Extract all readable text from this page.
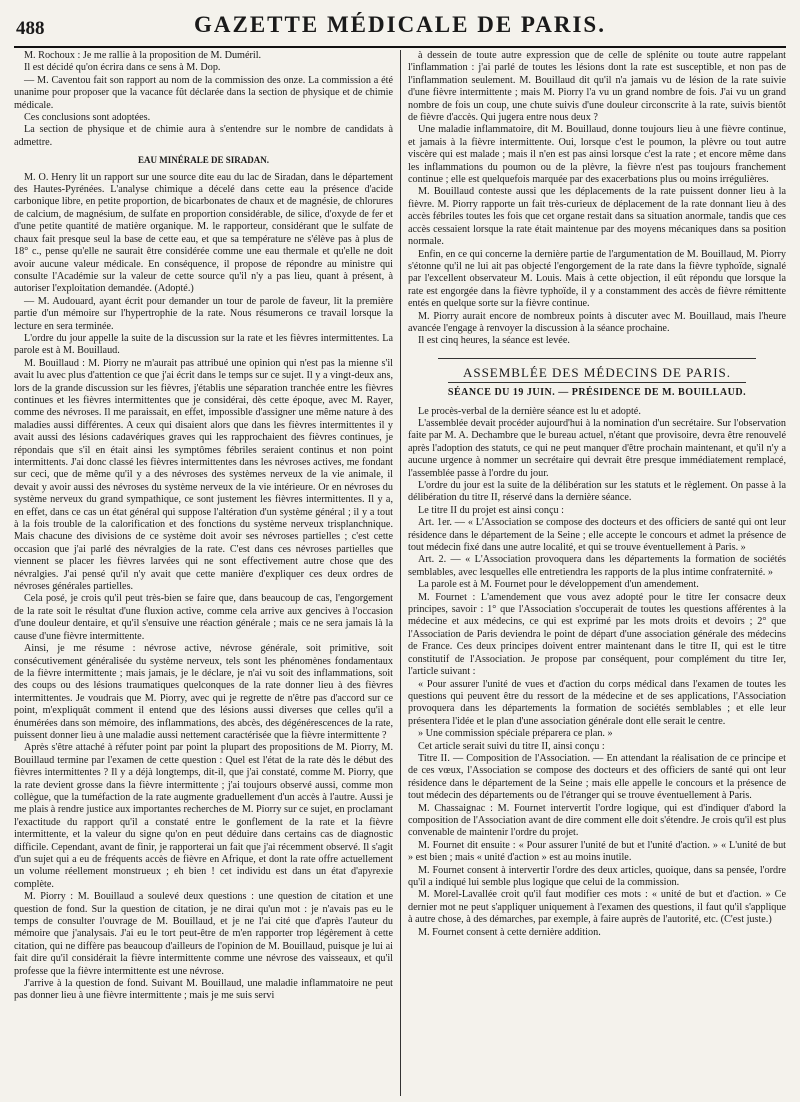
488	GAZETTE MÉDICALE DE PARIS.

M. Rochoux : Je me rallie à la proposition de M. Duméril.

Il est décidé qu'on écrira dans ce sens à M. Dop.

— M. Caventou fait son rapport au nom de la commission des onze. La commission a été unanime pour proposer que la vacance fût déclarée dans la section de physique et de chimie médicale.

Ces conclusions sont adoptées.

La section de physique et de chimie aura à s'entendre sur le nombre de candidats à admettre.

EAU MINÉRALE DE SIRADAN.

M. O. Henry lit un rapport sur une source dite eau du lac de Siradan, dans le département des Hautes-Pyrénées. L'analyse chimique a décelé dans cette eau la présence d'acide carbonique libre, en petite proportion, de bicarbonates de chaux et de magnésie, de chlorures de calcium, de magnésium, de sulfate en proportion considérable, de silice, d'oxyde de fer et d'une petite quantité de matière organique. M. le rapporteur, considérant que le sulfate de chaux fait presque seul la base de cette eau, et que sa température ne s'élève pas à plus de 18° c., pense qu'elle ne saurait être considérée comme une eau thermale et qu'elle ne doit avoir aucune valeur médicale. En conséquence, il propose de répondre au ministre qui consulte l'Académie sur la valeur de cette source qu'il n'y a pas lieu, quant à présent, à autoriser l'exploitation demandée. (Adopté.)

— M. Audouard, ayant écrit pour demander un tour de parole de faveur, lit la première partie d'un mémoire sur l'hypertrophie de la rate. Nous résumerons ce travail lorsque la lecture en sera terminée.

L'ordre du jour appelle la suite de la discussion sur la rate et les fièvres intermittentes. La parole est à M. Bouillaud.

M. Bouillaud : M. Piorry ne m'aurait pas attribué une opinion qui n'est pas la mienne s'il avait lu avec plus d'attention ce que j'ai écrit dans le temps sur ce sujet. Il y a vingt-deux ans, lors de la grande discussion sur les fièvres, j'établis une séparation tranchée entre les fièvres continues et les fièvres intermittentes que je considérai, dès cette époque, avec M. Rayer, comme des névroses. Il me paraissait, en effet, impossible d'assigner une même nature à des maladies aussi différentes. A ceux qui disaient alors que dans les fièvres intermittentes il y avait aussi des lésions cadavériques graves qui les rapprochaient des fièvres continues, je répondais que s'il en était ainsi les symptômes fébriles seraient continus et non point intermittents. J'ai donc classé les fièvres intermittentes dans les névroses actives, me fondant sur ceci, que de même qu'il y a des névroses des systèmes nerveux de la vie animale, il devait y avoir aussi des névroses du système nerveux de la vie intérieure. Or en névroses du système nerveux du grand sympathique, ce sont justement les fièvres intermittentes. Il y a, en effet, dans ce cas un état général qui suppose l'altération d'un système général ; il y a tout à la fois trouble de la calorification et des fonctions du système nerveux trisplanchnique. Mais chacune des divisions de ce système doit avoir ses névroses partielles ; c'est cette occasion que j'ai parlé des névralgies de la rate. C'est dans ces névroses partielles que viennent se placer les fièvres larvées qui ne sont effectivement autre chose que des névralgies. J'ai pensé qu'il n'y avait que cette manière d'expliquer ces deux ordres de névroses générales partielles.

Cela posé, je crois qu'il peut très-bien se faire que, dans beaucoup de cas, l'engorgement de la rate soit le résultat d'une fluxion active, comme cela arrive aux gencives à l'occasion d'une douleur dentaire, et qu'il s'ensuive une réaction générale ; mais ce ne sera jamais là la cause d'une fièvre intermittente.

Ainsi, je me résume : névrose active, névrose générale, soit primitive, soit consécutivement généralisée du système nerveux, tels sont les phénomènes fondamentaux de la fièvre intermittente ; mais jamais, je le déclare, je n'ai vu soit des inflammations, soit des coups ou des lésions traumatiques quelconques de la rate donner lieu à des fièvres intermittentes. Je voudrais que M. Piorry, avec qui je regrette de n'être pas d'accord sur ce point, m'expliquât comment il entend que des lésions aussi diverses que celles qu'il a énumérées dans son mémoire, des inflammations, des abcès, des dégénérescences de la rate, puissent donner lieu à une maladie aussi nettement caractérisée que la fièvre intermittente ?

Après s'être attaché à réfuter point par point la plupart des propositions de M. Piorry, M. Bouillaud termine par l'examen de cette question : Quel est l'état de la rate dès le début des fièvres intermittentes ? Il y a déjà longtemps, dit-il, que j'ai constaté, comme M. Piorry, que la rate devient grosse dans la fièvre intermittente ; j'ai toujours observé aussi, comme mon collègue, que la tuméfaction de la rate augmente graduellement d'un accès à l'autre. Aussi je me plais à rendre justice aux importantes recherches de M. Piorry sur ce sujet, en proclamant l'exactitude du rapport qu'il a constaté entre le gonflement de la rate et la fièvre intermittente, et la valeur du signe qu'on en peut déduire dans certains cas de diagnostic difficile. Cependant, avant de finir, je rapporterai un fait que j'ai récemment observé. Il s'agit d'un sujet qui a eu de fréquents accès de fièvre en Afrique, et dont la rate offre actuellement un volume réellement monstrueux ; eh bien ! cet individu est dans un état d'apyrexie complète.

M. Piorry : M. Bouillaud a soulevé deux questions : une question de citation et une question de fond. Sur la question de citation, je ne dirai qu'un mot : je n'avais pas eu le temps de consulter l'ouvrage de M. Bouillaud, et je ne l'ai cité que d'après l'auteur du mémoire que j'analysais. J'ai eu le tort peut-être de m'en rapporter trop légèrement à cette citation, qui ne diffère pas beaucoup d'ailleurs de l'opinion de M. Bouillaud, puisque je lui ai fait dire qu'il considérait la fièvre intermittente comme une névrose des vaisseaux, et qu'il professe que la fièvre intermittente est une névrose.

J'arrive à la question de fond. Suivant M. Bouillaud, une maladie inflammatoire ne peut pas donner lieu à une fièvre intermittente ; mais je me suis servi

à dessein de toute autre expression que de celle de splénite ou toute autre rappelant l'inflammation : j'ai parlé de toutes les lésions dont la rate est susceptible, et non pas de l'inflammation seulement. M. Bouillaud dit qu'il n'a jamais vu de lésion de la rate suivie d'une fièvre intermittente ; mais M. Piorry l'a vu un grand nombre de fois. J'ai vu un grand nombre de fois un coup, une chute suivis d'une douleur circonscrite à la rate, suivis bientôt de fièvre d'accès. Qui jugera entre nous deux ?

Une maladie inflammatoire, dit M. Bouillaud, donne toujours lieu à une fièvre continue, et jamais à la fièvre intermittente. Oui, lorsque c'est le poumon, la plèvre ou tout autre viscère qui est malade ; mais il n'en est pas ainsi lorsque c'est la rate ; et encore même dans les inflammations du poumon ou de la plèvre, la fièvre n'est pas toujours franchement continue ; elle est quelquefois marquée par des exacerbations plus ou moins irrégulières.

M. Bouillaud conteste aussi que les déplacements de la rate puissent donner lieu à la fièvre. M. Piorry rapporte un fait très-curieux de déplacement de la rate donnant lieu à des accès fébriles toutes les fois que cet organe restait dans sa situation anormale, tandis que ces accès cessaient lorsque la rate était maintenue par des moyens mécaniques dans sa position normale.

Enfin, en ce qui concerne la dernière partie de l'argumentation de M. Bouillaud, M. Piorry s'étonne qu'il ne lui ait pas objecté l'engorgement de la rate dans la fièvre typhoïde, signalé par l'excellent observateur M. Louis. Mais à cette objection, il eût répondu que lorsque la rate est engorgée dans la fièvre typhoïde, il y a constamment des accès de fièvre rémittente entés en quelque sorte sur la fièvre continue.

M. Piorry aurait encore de nombreux points à discuter avec M. Bouillaud, mais l'heure avancée l'engage à renvoyer la discussion à la séance prochaine.

Il est cinq heures, la séance est levée.

ASSEMBLÉE DES MÉDECINS DE PARIS.
SÉANCE DU 19 JUIN. — PRÉSIDENCE DE M. BOUILLAUD.

Le procès-verbal de la dernière séance est lu et adopté.

L'assemblée devait procéder aujourd'hui à la nomination d'un secrétaire. Sur l'observation faite par M. A. Dechambre que le bureau actuel, n'étant que provisoire, devra être renouvelé après l'adoption des statuts, ce qui ne peut manquer d'être prochain maintenant, et qu'il n'y a aucune urgence à nommer un secrétaire qui devrait être presque immédiatement remplacé, l'assemblée passe à l'ordre du jour.

L'ordre du jour est la suite de la délibération sur les statuts et le règlement. On passe à la délibération du titre II, réservé dans la dernière séance.

Le titre II du projet est ainsi conçu :

Art. 1er. — « L'Association se compose des docteurs et des officiers de santé qui ont leur résidence dans le département de la Seine ; elle accepte le concours et admet la présence de tout médecin fixé dans une autre localité, et qui se trouve éventuellement à Paris. »

Art. 2. — « L'Association provoquera dans les départements la formation de sociétés semblables, avec lesquelles elle entretiendra les rapports de la plus intime confraternité. »

La parole est à M. Fournet pour le développement d'un amendement.

M. Fournet : L'amendement que vous avez adopté pour le titre Ier consacre deux principes, savoir : 1° que l'Association s'occuperait de toutes les questions afférentes à la médecine et aux médecins, ce qui est exprimé par les mots droits et devoirs ; 2° que l'Association de Paris deviendra le point de départ d'une association générale des médecins de France. Ces deux principes doivent entrer maintenant dans le titre II, qui est le titre constitutif de l'Association. Je propose par conséquent, pour complément du titre Ier, l'article suivant :

« Pour assurer l'unité de vues et d'action du corps médical dans l'examen de toutes les questions qui peuvent être du ressort de la médecine et de ses applications, l'Association provoquera dans les départements la formation de sociétés semblables ; et elle leur présentera l'idée et le plan d'une association générale dont elle serait le centre.

» Une commission spéciale préparera ce plan. »

Cet article serait suivi du titre II, ainsi conçu :

Titre II. — Composition de l'Association. — En attendant la réalisation de ce principe et de ces vœux, l'Association se compose des docteurs et des officiers de santé qui ont leur résidence dans le département de la Seine ; mais elle appelle le concours et la présence de tout médecin des départements ou de l'étranger qui se trouve éventuellement à Paris.

M. Chassaignac : M. Fournet intervertit l'ordre logique, qui est d'indiquer d'abord la composition de l'Association avant de dire comment elle doit s'étendre. Je crois qu'il est plus convenable de maintenir l'ordre du projet.

M. Fournet dit ensuite : « Pour assurer l'unité de but et l'unité d'action. » « L'unité de but » est bien ; mais « unité d'action » est au moins inutile.

M. Fournet consent à intervertir l'ordre des deux articles, quoique, dans sa pensée, l'ordre qu'il a indiqué lui semble plus logique que celui de la commission.

M. Morel-Lavallée croit qu'il faut modifier ces mots : « unité de but et d'action. » Ce dernier mot ne peut s'appliquer uniquement à l'examen des questions, il faut qu'il s'applique à autre chose, à des démarches, par exemple, à faire auprès de l'autorité, etc. (C'est juste.)

M. Fournet consent à cette dernière addition.
